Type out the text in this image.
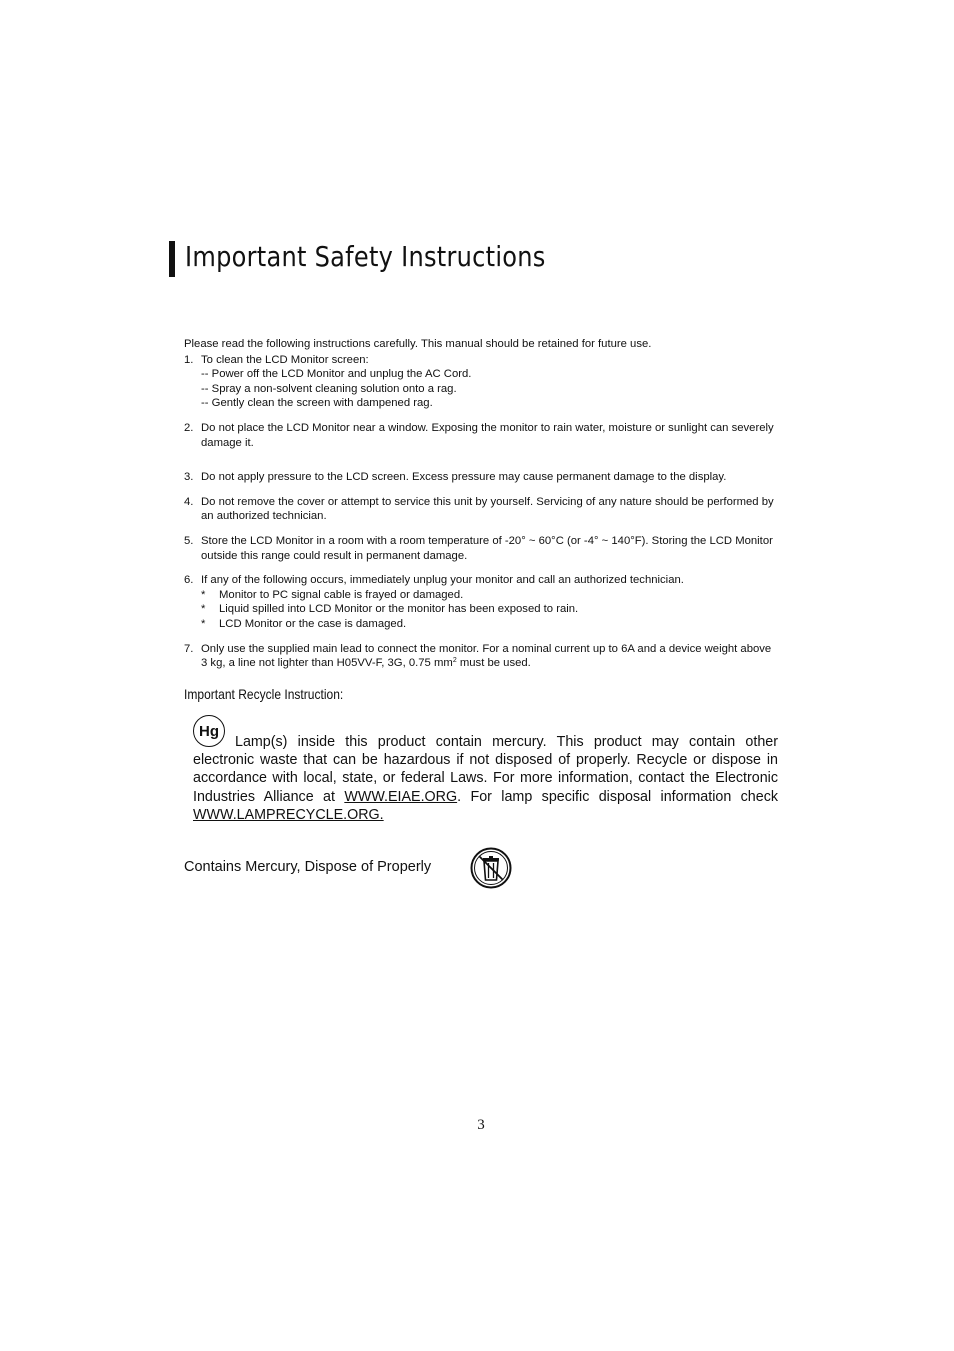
Important Safety Instructions

Please read the following instructions carefully. This manual should be retained for future use.

1. To clean the LCD Monitor screen:
-- Power off the LCD Monitor and unplug the AC Cord.
-- Spray a non-solvent cleaning solution onto a rag.
-- Gently clean the screen with dampened rag.
2. Do not place the LCD Monitor near a window. Exposing the monitor to rain water, moisture or sunlight can severely damage it.
3. Do not apply pressure to the LCD screen. Excess pressure may cause permanent damage to the display.
4. Do not remove the cover or attempt to service this unit by yourself. Servicing of any nature should be performed by an authorized technician.
5. Store the LCD Monitor in a room with a room temperature of -20° ~ 60°C (or -4° ~ 140°F). Storing the LCD Monitor outside this range could result in permanent damage.
6. If any of the following occurs, immediately unplug your monitor and call an authorized technician.
* Monitor to PC signal cable is frayed or damaged.
* Liquid spilled into LCD Monitor or the monitor has been exposed to rain.
* LCD Monitor or the case is damaged.
7. Only use the supplied main lead to connect the monitor. For a nominal current up to 6A and a device weight above 3 kg, a line not lighter than H05VV-F, 3G, 0.75 $mm^2$ must be used.
Important Recycle Instruction:
Hg

Lamp(s) inside this product contain mercury. This product may contain other electronic waste that can be hazardous if not disposed of properly. Recycle or dispose in accordance with local, state, or federal Laws. For more information, contact the Electronic Industries Alliance at WWW.EIAE.ORG. For lamp specific disposal information check WWW.LAMPRECYCLE.ORG.

Contains Mercury, Dispose of Properly
3
